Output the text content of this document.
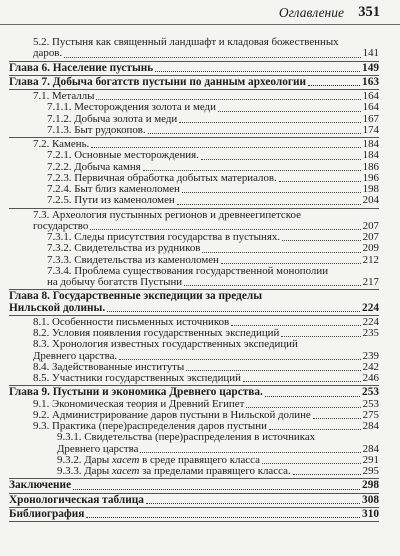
Оглавление 351
5.2. Пустыня как священный ландшафт и кладовая божественных
даров.	141
Глава 6. Население пустынь	149
Глава 7. Добыча богатств пустыни по данным археологии	163
7.1. Металлы	164
7.1.1. Месторождения золота и меди	164
7.1.2. Добыча золота и меди	167
7.1.3. Быт рудокопов.	174
7.2. Камень.	184
7.2.1. Основные месторождения.	184
7.2.2. Добыча камня	186
7.2.3. Первичная обработка добытых материалов.	196
7.2.4. Быт близ каменоломен	198
7.2.5. Пути из каменоломен	204
7.3. Археология пустынных регионов и древнеегипетское
государство	207
7.3.1. Следы присутствия государства в пустынях.	207
7.3.2. Свидетельства из рудников	209
7.3.3. Свидетельства из каменоломен	212
7.3.4. Проблема существования государственной монополии
на добычу богатств Пустыни	217
Глава 8. Государственные экспедиции за пределы
Нильской долины.	224
8.1. Особенности письменных источников	224
8.2. Условия появления государственных экспедиций	235
8.3. Хронология известных государственных экспедиций
Древнего царства.	239
8.4. Задействованные институты	242
8.5. Участники государственных экспедиций	246
Глава 9. Пустыни и экономика Древнего царства.	253
9.1. Экономическая теория и Древний Египет	253
9.2. Администрирование даров пустыни в Нильской долине	275
9.3. Практика (пере)распределения даров пустыни	284
9.3.1. Свидетельства (пере)распределения в источниках
Древнего царства	284
9.3.2. Дары хасет в среде правящего класса	291
9.3.3. Дары хасет за пределами правящего класса.	295
Заключение	298
Хронологическая таблица	308
Библиография	310
